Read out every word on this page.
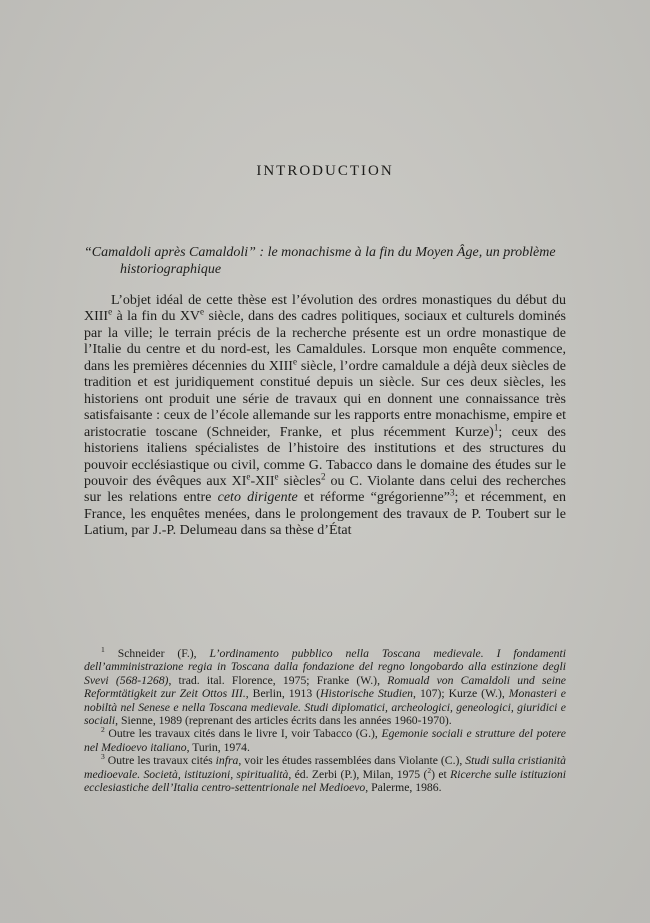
INTRODUCTION

“Camaldoli après Camaldoli” : le monachisme à la fin du Moyen Âge, un problème historiographique

L’objet idéal de cette thèse est l’évolution des ordres monastiques du début du XIIIe à la fin du XVe siècle, dans des cadres politiques, sociaux et culturels dominés par la ville; le terrain précis de la recherche présente est un ordre monastique de l’Italie du centre et du nord-est, les Camaldules. Lorsque mon enquête commence, dans les premières décennies du XIIIe siècle, l’ordre camaldule a déjà deux siècles de tradition et est juridiquement constitué depuis un siècle. Sur ces deux siècles, les historiens ont produit une série de travaux qui en donnent une connaissance très satisfaisante : ceux de l’école allemande sur les rapports entre monachisme, empire et aristocratie toscane (Schneider, Franke, et plus récemment Kurze)$^1$; ceux des historiens italiens spécialistes de l’histoire des institutions et des structures du pouvoir ecclésiastique ou civil, comme G. Tabacco dans le domaine des études sur le pouvoir des évêques aux XIe-XIIe siècles$^2$ ou C. Violante dans celui des recherches sur les relations entre ceto dirigente et réforme “grégorienne”$^3$; et récemment, en France, les enquêtes menées, dans le prolongement des travaux de P. Toubert sur le Latium, par J.-P. Delumeau dans sa thèse d’État

$^1$ Schneider (F.), L’ordinamento pubblico nella Toscana medievale. I fondamenti dell’amministrazione regia in Toscana dalla fondazione del regno longobardo alla estinzione degli Svevi (568-1268), trad. ital. Florence, 1975; Franke (W.), Romuald von Camaldoli und seine Reformtätigkeit zur Zeit Ottos III., Berlin, 1913 (Historische Studien, 107); Kurze (W.), Monasteri e nobiltà nel Senese e nella Toscana medievale. Studi diplomatici, archeologici, geneologici, giuridici e sociali, Sienne, 1989 (reprenant des articles écrits dans les années 1960-1970).

$^2$ Outre les travaux cités dans le livre I, voir Tabacco (G.), Egemonie sociali e strutture del potere nel Medioevo italiano, Turin, 1974.

$^3$ Outre les travaux cités infra, voir les études rassemblées dans Violante (C.), Studi sulla cristianità medioevale. Società, istituzioni, spiritualità, éd. Zerbi (P.), Milan, 1975 ($^2$) et Ricerche sulle istituzioni ecclesiastiche dell’Italia centro-settentrionale nel Medioevo, Palerme, 1986.
